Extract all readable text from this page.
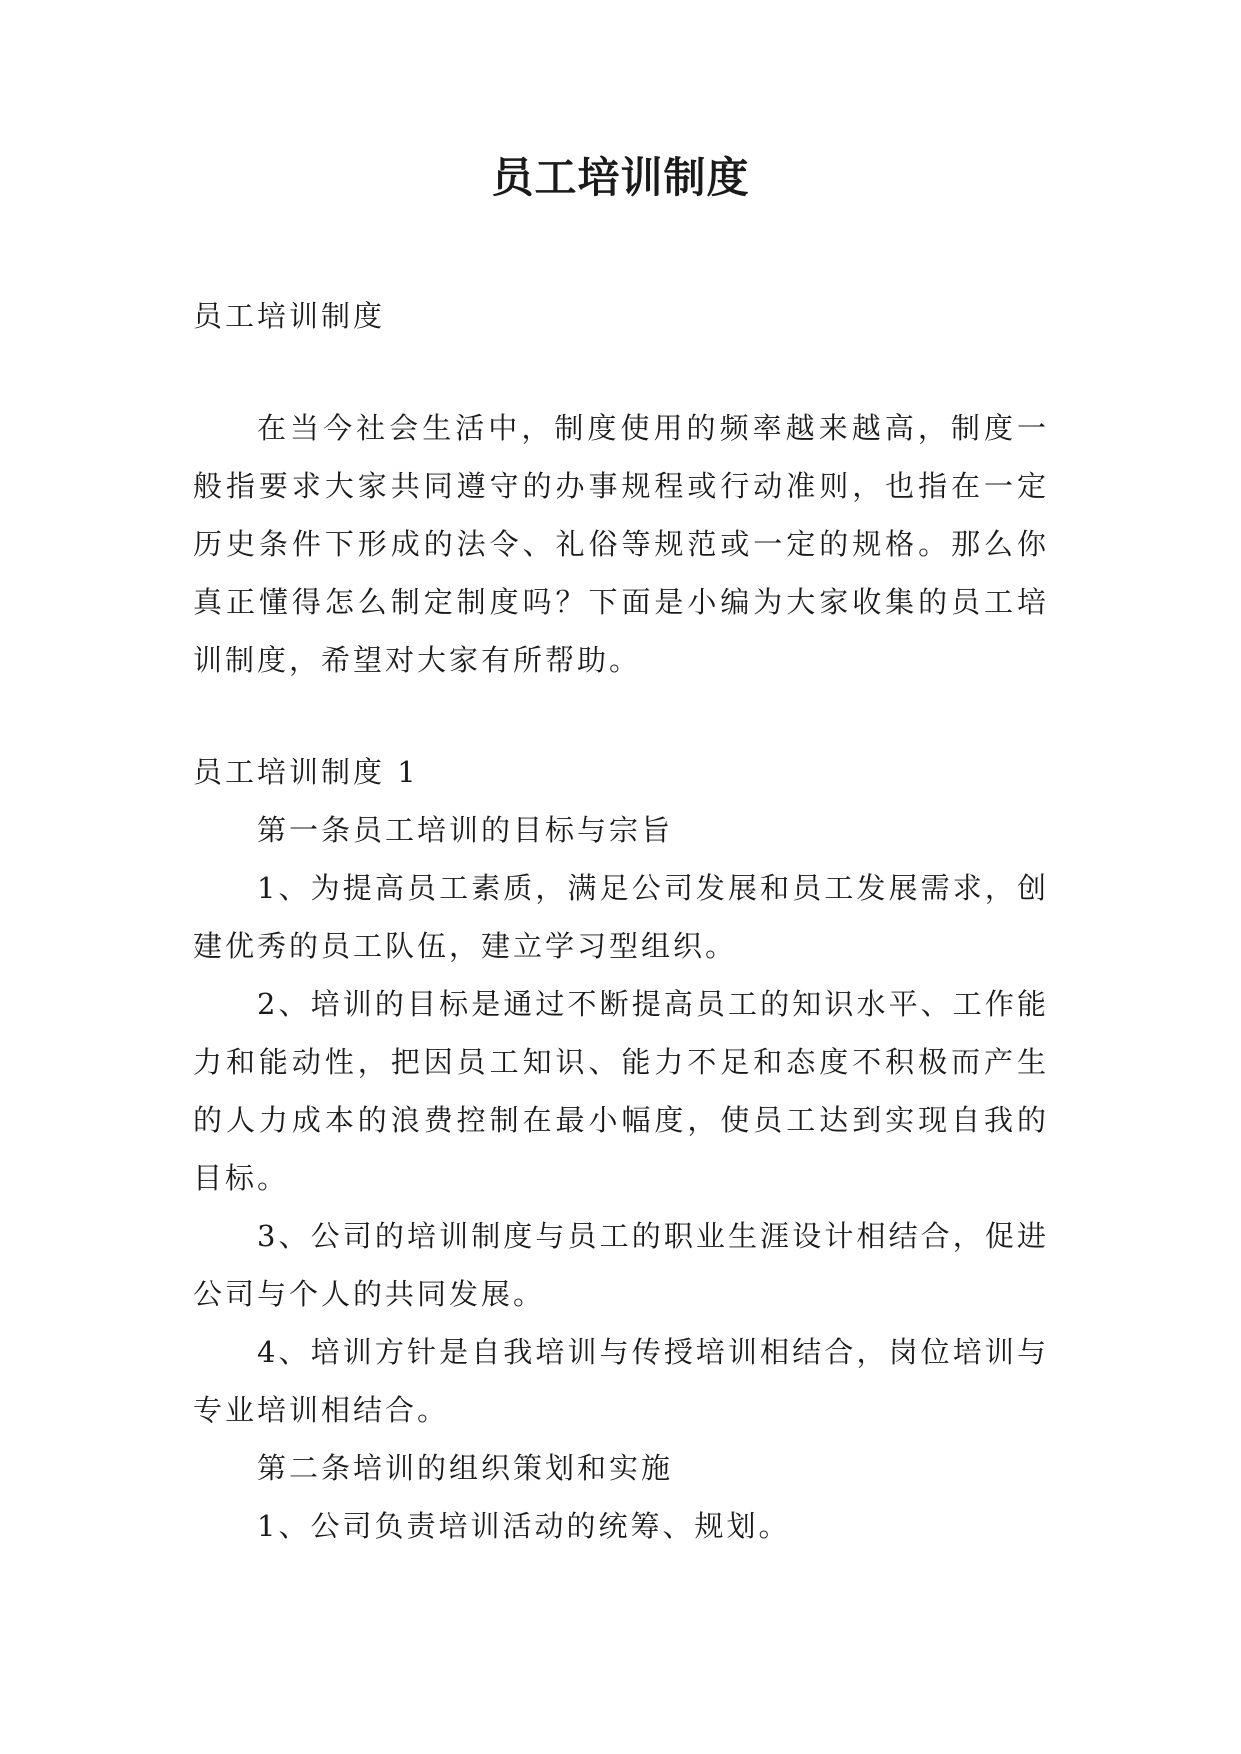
员工培训制度

员工培训制度

在当今社会生活中，制度使用的频率越来越高，制度一般指要求大家共同遵守的办事规程或行动准则，也指在一定历史条件下形成的法令、礼俗等规范或一定的规格。那么你真正懂得怎么制定制度吗？下面是小编为大家收集的员工培训制度，希望对大家有所帮助。

员工培训制度 1

第一条员工培训的目标与宗旨

1、为提高员工素质，满足公司发展和员工发展需求，创建优秀的员工队伍，建立学习型组织。

2、培训的目标是通过不断提高员工的知识水平、工作能力和能动性，把因员工知识、能力不足和态度不积极而产生的人力成本的浪费控制在最小幅度，使员工达到实现自我的目标。

3、公司的培训制度与员工的职业生涯设计相结合，促进公司与个人的共同发展。

4、培训方针是自我培训与传授培训相结合，岗位培训与专业培训相结合。

第二条培训的组织策划和实施

1、公司负责培训活动的统筹、规划。
